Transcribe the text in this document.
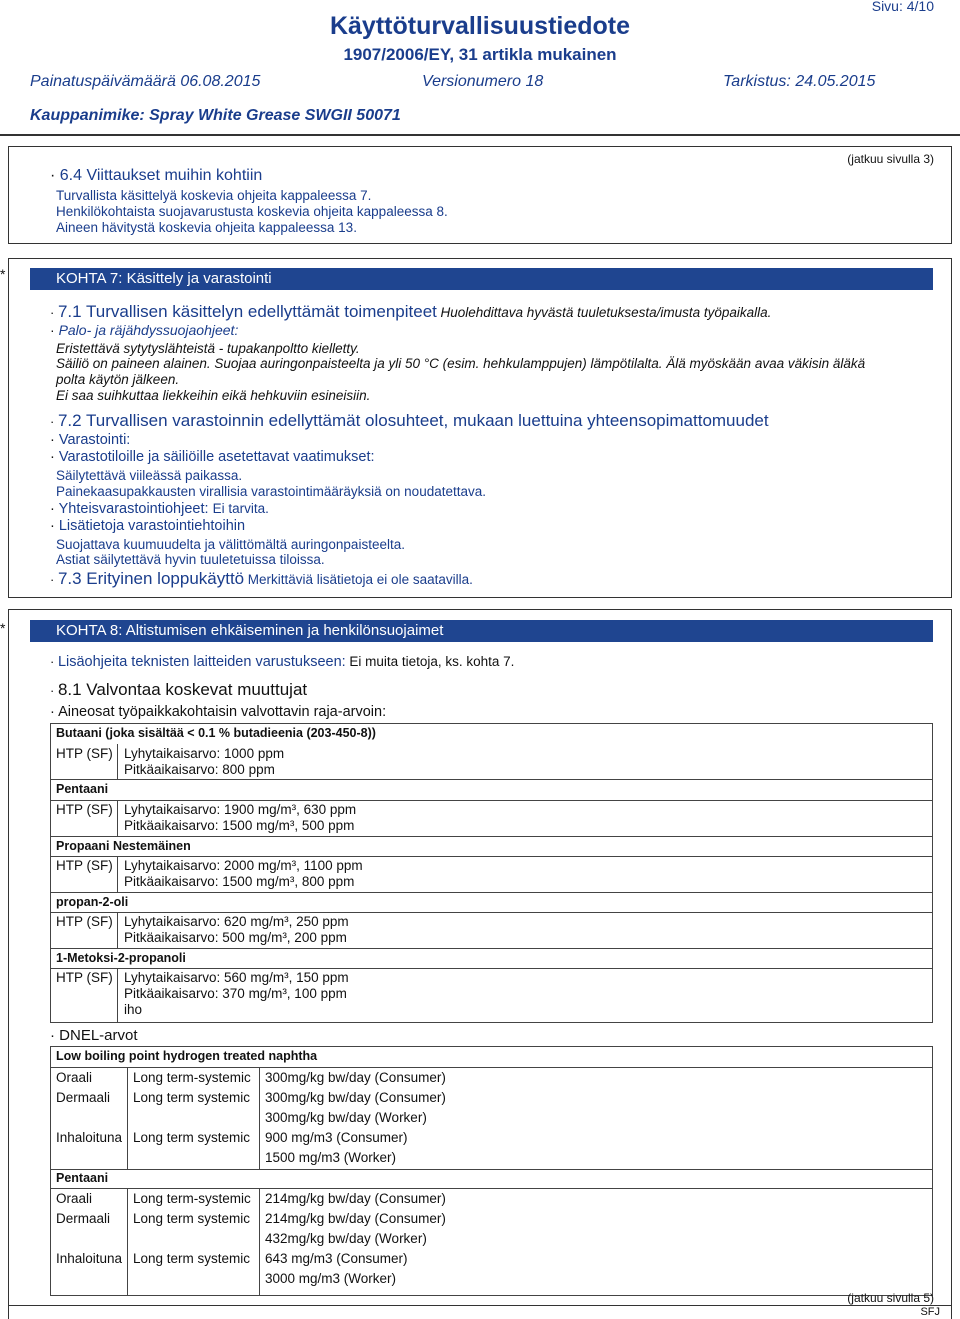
Sivu: 4/10
Käyttöturvallisuustiedote
1907/2006/EY, 31 artikla mukainen
Painatuspäivämäärä 06.08.2015	Versionumero 18	Tarkistus: 24.05.2015
Kauppanimike: Spray White Grease SWGII 50071
(jatkuu sivulla 3)
· 6.4 Viittaukset muihin kohtiin
Turvallista käsittelyä koskevia ohjeita kappaleessa 7.
Henkilökohtaista suojavarustusta koskevia ohjeita kappaleessa 8.
Aineen hävitystä koskevia ohjeita kappaleessa 13.
*	KOHTA 7: Käsittely ja varastointi
· 7.1 Turvallisen käsittelyn edellyttämät toimenpiteet Huolehdittava hyvästä tuuletuksesta/imusta työpaikalla.
· Palo- ja räjähdyssuojaohjeet:
Eristettävä sytytyslähteistä - tupakanpoltto kielletty.
Säiliö on paineen alainen. Suojaa auringonpaisteelta ja yli 50 °C (esim. hehkulamppujen) lämpötilalta. Älä myöskään avaa väkisin äläkä
polta käytön jälkeen.
Ei saa suihkuttaa liekkeihin eikä hehkuviin esineisiin.
· 7.2 Turvallisen varastoinnin edellyttämät olosuhteet, mukaan luettuina yhteensopimattomuudet
· Varastointi:
· Varastotiloille ja säiliöille asetettavat vaatimukset:
Säilytettävä viileässä paikassa.
Painekaasupakkausten virallisia varastointimääräyksiä on noudatettava.
· Yhteisvarastointiohjeet: Ei tarvita.
· Lisätietoja varastointiehtoihin
Suojattava kuumuudelta ja välittömältä auringonpaisteelta.
Astiat säilytettävä hyvin tuuletetuissa tiloissa.
· 7.3 Erityinen loppukäyttö Merkittäviä lisätietoja ei ole saatavilla.
*	KOHTA 8: Altistumisen ehkäiseminen ja henkilönsuojaimet
· Lisäohjeita teknisten laitteiden varustukseen: Ei muita tietoja, ks. kohta 7.
· 8.1 Valvontaa koskevat muuttujat
· Aineosat työpaikkakohtaisin valvottavin raja-arvoin:
Butaani (joka sisältää < 0.1 % butadieenia (203-450-8))
HTP (SF) Lyhytaikaisarvo: 1000 ppm
Pitkäaikaisarvo: 800 ppm
Pentaani
HTP (SF) Lyhytaikaisarvo: 1900 mg/m³, 630 ppm
Pitkäaikaisarvo: 1500 mg/m³, 500 ppm
Propaani Nestemäinen
HTP (SF) Lyhytaikaisarvo: 2000 mg/m³, 1100 ppm
Pitkäaikaisarvo: 1500 mg/m³, 800 ppm
propan-2-oli
HTP (SF) Lyhytaikaisarvo: 620 mg/m³, 250 ppm
Pitkäaikaisarvo: 500 mg/m³, 200 ppm
1-Metoksi-2-propanoli
HTP (SF) Lyhytaikaisarvo: 560 mg/m³, 150 ppm
Pitkäaikaisarvo: 370 mg/m³, 100 ppm
iho
· DNEL-arvot
Low boiling point hydrogen treated naphtha
Oraali	Long term-systemic 300mg/kg bw/day (Consumer)
Dermaali Long term systemic 300mg/kg bw/day (Consumer)
300mg/kg bw/day (Worker)
Inhaloituna Long term systemic 900 mg/m3 (Consumer)
1500 mg/m3 (Worker)
Pentaani
Oraali	Long term-systemic 214mg/kg bw/day (Consumer)
Dermaali Long term systemic 214mg/kg bw/day (Consumer)
432mg/kg bw/day (Worker)
Inhaloituna Long term systemic 643 mg/m3 (Consumer)
3000 mg/m3 (Worker)
(jatkuu sivulla 5)
SFJ
